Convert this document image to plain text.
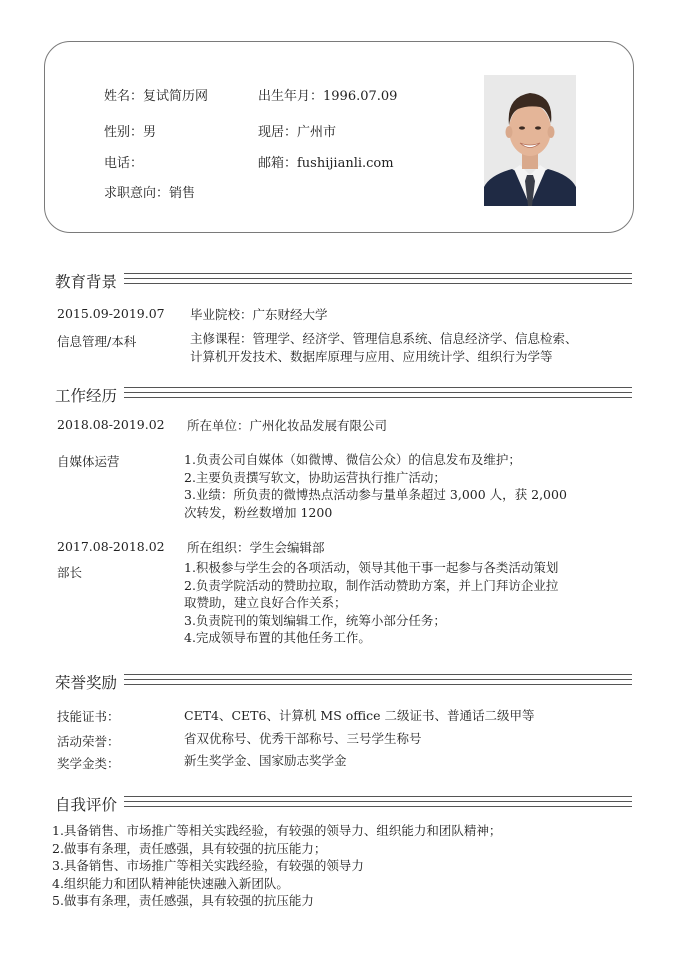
姓名：复试简历网	出生年月：1996.07.09
性别：男	现居：广州市
电话：	邮箱：fushijianli.com
求职意向：销售
教育背景
2015.09-2019.07 毕业院校：广东财经大学
信息管理/本科	主修课程：管理学、经济学、管理信息系统、信息经济学、信息检索、
计算机开发技术、数据库原理与应用、应用统计学、组织行为学等
工作经历
2018.08-2019.02 所在单位：广州化妆品发展有限公司
自媒体运营	1.负责公司自媒体（如微博、微信公众）的信息发布及维护；
2.主要负责撰写软文，协助运营执行推广活动；
3.业绩：所负责的微博热点活动参与量单条超过 3,000 人，获 2,000
次转发，粉丝数增加 1200
2017.08-2018.02 所在组织：学生会编辑部
部长	1.积极参与学生会的各项活动，领导其他干事一起参与各类活动策划
2.负责学院活动的赞助拉取，制作活动赞助方案，并上门拜访企业拉
取赞助，建立良好合作关系；
3.负责院刊的策划编辑工作，统筹小部分任务；
4.完成领导布置的其他任务工作。
荣誉奖励
技能证书：	CET4、CET6、计算机 MS office 二级证书、普通话二级甲等
活动荣誉：	省双优称号、优秀干部称号、三号学生称号
奖学金类：	新生奖学金、国家励志奖学金
自我评价
1.具备销售、市场推广等相关实践经验，有较强的领导力、组织能力和团队精神；
2.做事有条理，责任感强，具有较强的抗压能力；
3.具备销售、市场推广等相关实践经验，有较强的领导力
4.组织能力和团队精神能快速融入新团队。
5.做事有条理，责任感强，具有较强的抗压能力
